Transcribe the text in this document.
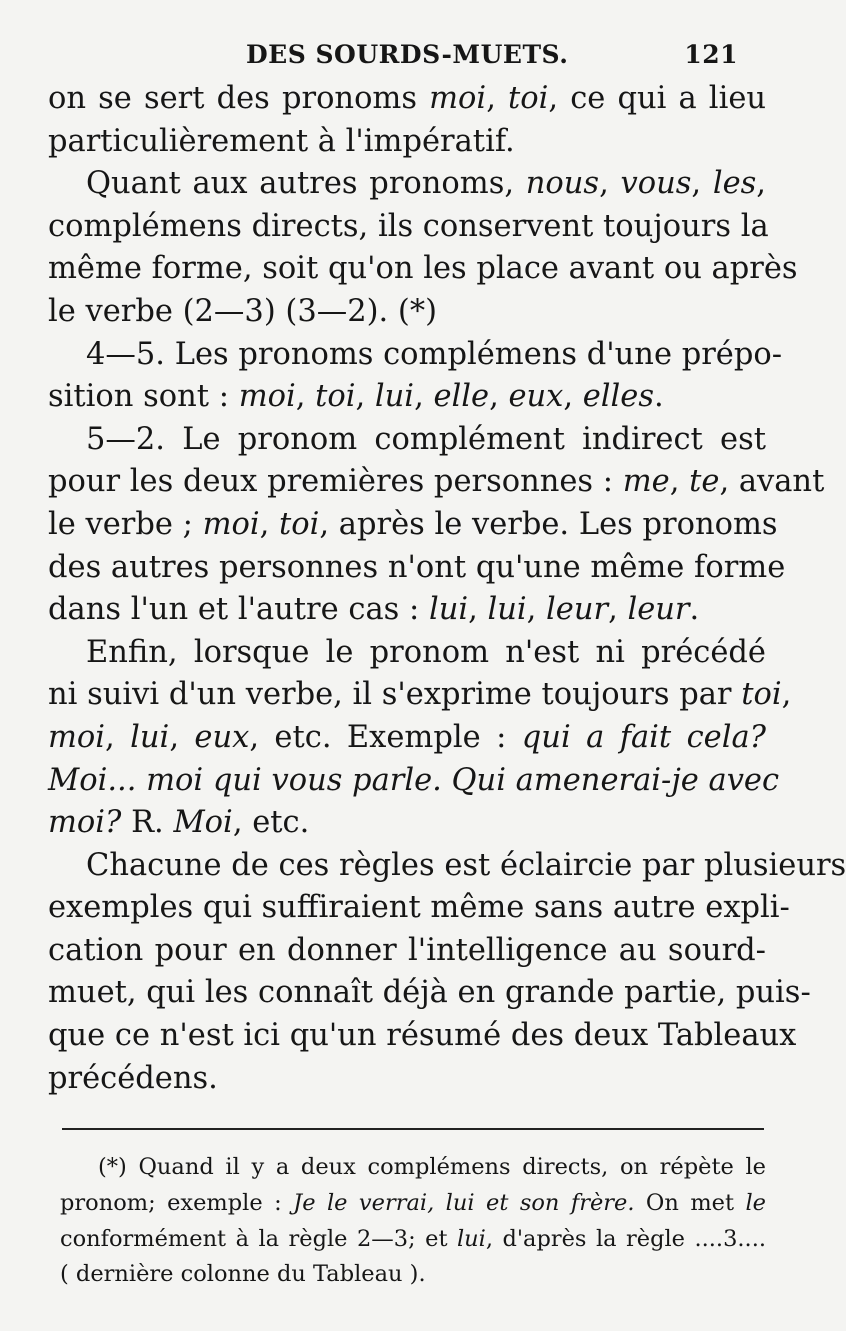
DES SOURDS-MUETS.	121
on se sert des pronoms moi, toi, ce qui a lieu
particulièrement à l'impératif.
Quant aux autres pronoms, nous, vous, les,
complémens directs, ils conservent toujours la
même forme, soit qu'on les place avant ou après
le verbe (2—3) (3—2). (*)
4—5. Les pronoms complémens d'une prépo-
sition sont : moi, toi, lui, elle, eux, elles.
5—2. Le pronom complément indirect est
pour les deux premières personnes : me, te, avant
le verbe ; moi, toi, après le verbe. Les pronoms
des autres personnes n'ont qu'une même forme
dans l'un et l'autre cas : lui, lui, leur, leur.
Enfin, lorsque le pronom n'est ni précédé
ni suivi d'un verbe, il s'exprime toujours par toi,
moi, lui, eux, etc. Exemple : qui a fait cela?
Moi... moi qui vous parle. Qui amenerai-je avec
moi? R. Moi, etc.
Chacune de ces règles est éclaircie par plusieurs
exemples qui suffiraient même sans autre expli-
cation pour en donner l'intelligence au sourd-
muet, qui les connaît déjà en grande partie, puis-
que ce n'est ici qu'un résumé des deux Tableaux
précédens.
(*) Quand il y a deux complémens directs, on répète le
pronom; exemple : Je le verrai, lui et son frère. On met le
conformément à la règle 2—3; et lui, d'après la règle ....3....
( dernière colonne du Tableau ).
